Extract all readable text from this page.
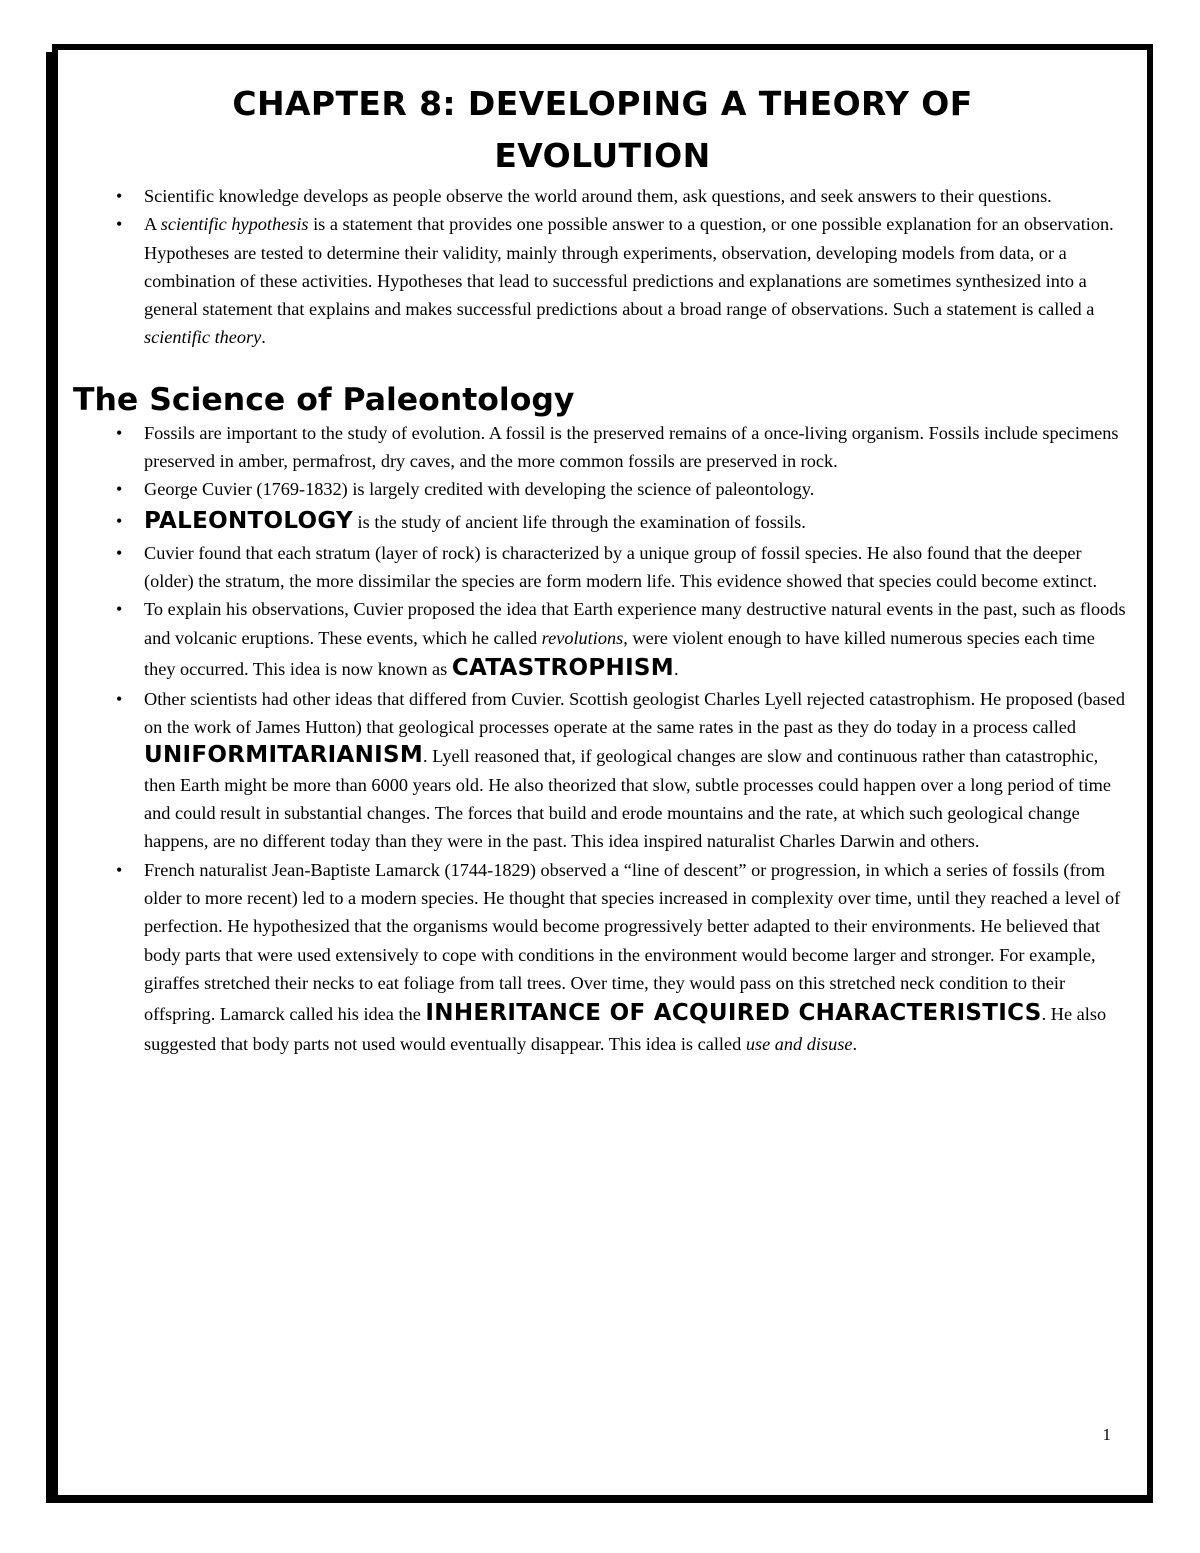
CHAPTER 8: DEVELOPING A THEORY OF
EVOLUTION
• Scientific knowledge develops as people observe the world around them, ask questions, and seek answers to their questions.
• A scientific hypothesis is a statement that provides one possible answer to a question, or one possible explanation for an observation. Hypotheses are tested to determine their validity, mainly through experiments, observation, developing models from data, or a combination of these activities. Hypotheses that lead to successful predictions and explanations are sometimes synthesized into a general statement that explains and makes successful predictions about a broad range of observations. Such a statement is called a scientific theory.
The Science of Paleontology
• Fossils are important to the study of evolution. A fossil is the preserved remains of a once-living organism. Fossils include specimens preserved in amber, permafrost, dry caves, and the more common fossils are preserved in rock.
• George Cuvier (1769-1832) is largely credited with developing the science of paleontology.
• PALEONTOLOGY is the study of ancient life through the examination of fossils.
• Cuvier found that each stratum (layer of rock) is characterized by a unique group of fossil species. He also found that the deeper (older) the stratum, the more dissimilar the species are form modern life. This evidence showed that species could become extinct.
• To explain his observations, Cuvier proposed the idea that Earth experience many destructive natural events in the past, such as floods and volcanic eruptions. These events, which he called revolutions, were violent enough to have killed numerous species each time they occurred. This idea is now known as CATASTROPHISM.
• Other scientists had other ideas that differed from Cuvier. Scottish geologist Charles Lyell rejected catastrophism. He proposed (based on the work of James Hutton) that geological processes operate at the same rates in the past as they do today in a process called UNIFORMITARIANISM. Lyell reasoned that, if geological changes are slow and continuous rather than catastrophic, then Earth might be more than 6000 years old. He also theorized that slow, subtle processes could happen over a long period of time and could result in substantial changes. The forces that build and erode mountains and the rate, at which such geological change happens, are no different today than they were in the past. This idea inspired naturalist Charles Darwin and others.
• French naturalist Jean-Baptiste Lamarck (1744-1829) observed a “line of descent” or progression, in which a series of fossils (from older to more recent) led to a modern species. He thought that species increased in complexity over time, until they reached a level of perfection. He hypothesized that the organisms would become progressively better adapted to their environments. He believed that body parts that were used extensively to cope with conditions in the environment would become larger and stronger. For example, giraffes stretched their necks to eat foliage from tall trees. Over time, they would pass on this stretched neck condition to their offspring. Lamarck called his idea the INHERITANCE OF ACQUIRED CHARACTERISTICS. He also suggested that body parts not used would eventually disappear. This idea is called use and disuse.
1
